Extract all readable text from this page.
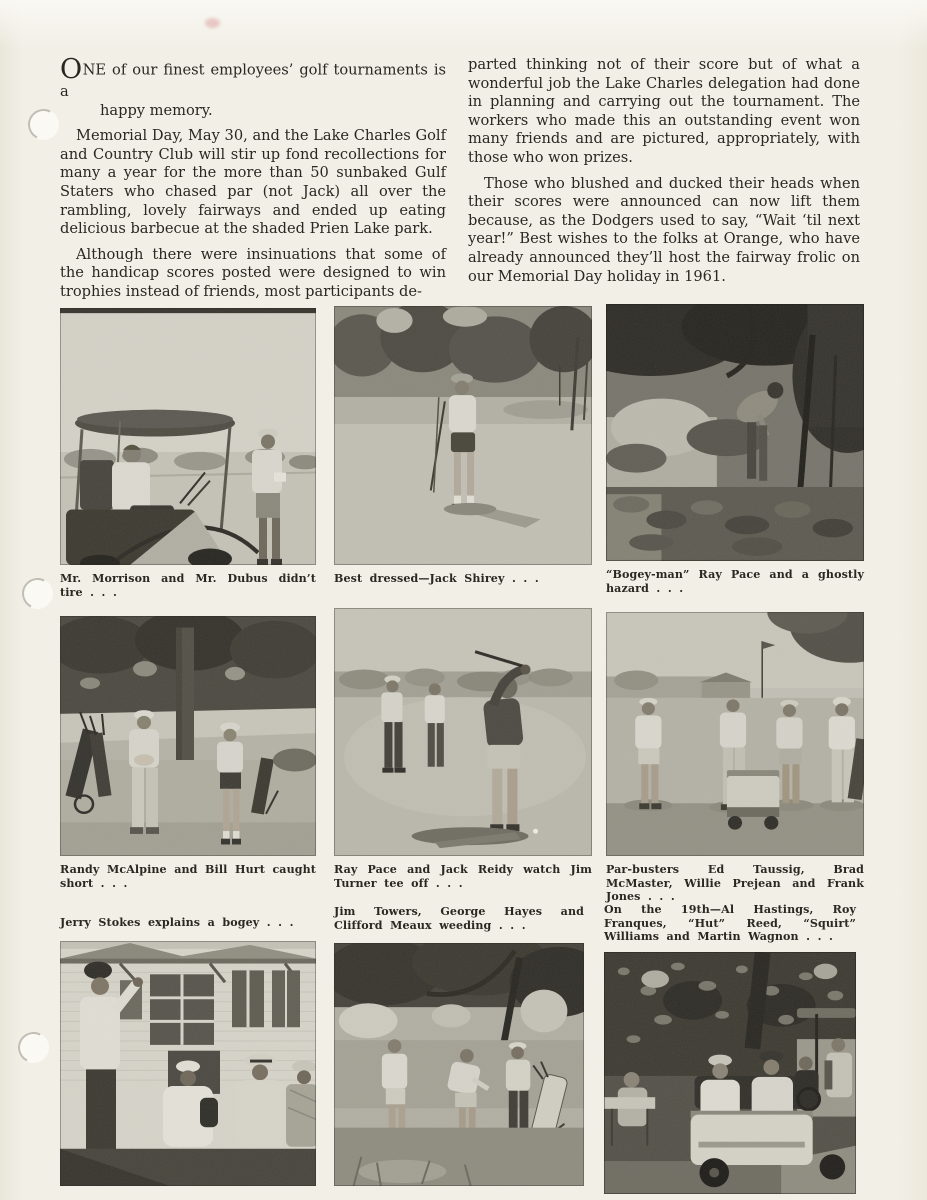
ONE of our finest employees’ golf tournaments is a
happy memory.

Memorial Day, May 30, and the Lake Charles Golf and Country Club will stir up fond recollections for many a year for the more than 50 sunbaked Gulf Staters who chased par (not Jack) all over the rambling, lovely fairways and ended up eating delicious barbecue at the shaded Prien Lake park.

Although there were insinuations that some of the handicap scores posted were designed to win trophies instead of friends, most participants de-

parted thinking not of their score but of what a wonderful job the Lake Charles delegation had done in planning and carrying out the tournament. The workers who made this an outstanding event won many friends and are pictured, appropriately, with those who won prizes.

Those who blushed and ducked their heads when their scores were announced can now lift them because, as the Dodgers used to say, “Wait ‘til next year!” Best wishes to the folks at Orange, who have already announced they’ll host the fairway frolic on our Memorial Day holiday in 1961.

Mr. Morrison and Mr. Dubus didn’t tire . . .
Best dressed—Jack Shirey . . .	“Bogey-man” Ray Pace and a ghostly hazard . . .
Randy McAlpine and Bill Hurt caught short . . .
Ray Pace and Jack Reidy watch Jim Turner tee off . . .
Par-busters Ed Taussig, Brad McMaster, Willie Prejean and Frank Jones . . .
Jerry Stokes explains a bogey . . .
Jim Towers, George Hayes and Clifford Meaux weeding . . .
On the 19th—Al Hastings, Roy Franques, “Hut” Reed, “Squirt” Williams and Martin Wagnon . . .
